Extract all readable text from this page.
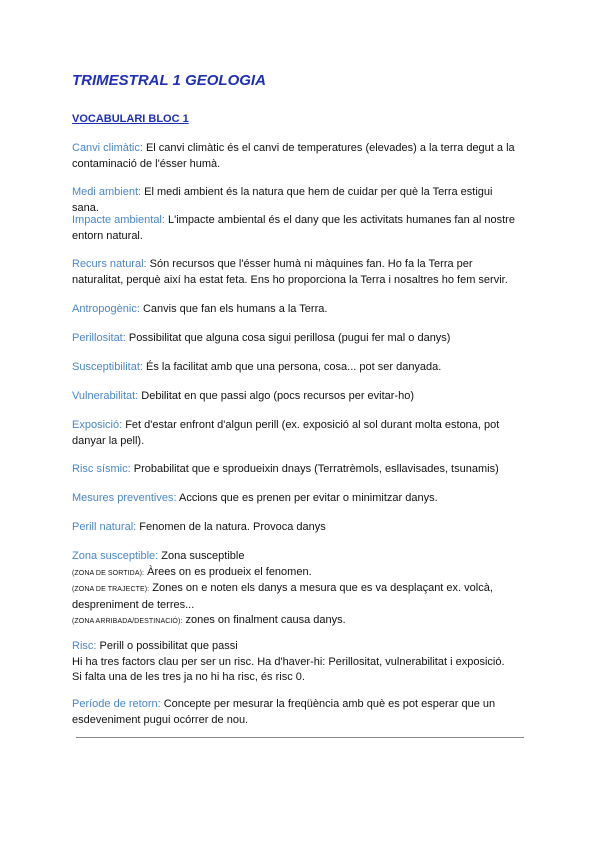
TRIMESTRAL 1 GEOLOGIA
VOCABULARI BLOC 1
Canvi climàtic: El canvi climàtic és el canvi de temperatures (elevades) a la terra degut a la contaminació de l'ésser humà.
Medi ambient: El medi ambient és la natura que hem de cuidar per què la Terra estigui sana.
Impacte ambiental: L'impacte ambiental és el dany que les activitats humanes fan al nostre entorn natural.
Recurs natural: Són recursos que l'ésser humà ni màquines fan. Ho fa la Terra per naturalitat, perquè així ha estat feta. Ens ho proporciona la Terra i nosaltres ho fem servir.
Antropogènic: Canvis que fan els humans a la Terra.
Perillositat: Possibilitat que alguna cosa sigui perillosa (pugui fer mal o danys)
Susceptibilitat: És la facilitat amb que una persona, cosa... pot ser danyada.
Vulnerabilitat: Debilitat en que passi algo (pocs recursos per evitar-ho)
Exposició: Fet d'estar enfront d'algun perill (ex. exposició al sol durant molta estona, pot danyar la pell).
Risc sísmic: Probabilitat que e sprodueixin dnays (Terratrèmols, esllavisades, tsunamis)
Mesures preventives: Accions que es prenen per evitar o minimitzar danys.
Perill natural: Fenomen de la natura. Provoca danys
Zona susceptible: Zona susceptible
(ZONA DE SORTIDA): Àrees on es produeix el fenomen.
(ZONA DE TRAJECTE): Zones on e noten els danys a mesura que es va desplaçant ex. volcà, despreniment de terres...
(ZONA ARRIBADA/DESTINACIÓ): zones on finalment causa danys.
Risc: Perill o possibilitat que passi
Hi ha tres factors clau per ser un risc. Ha d'haver-hi: Perillositat, vulnerabilitat i exposició.
Si falta una de les tres ja no hi ha risc, és risc 0.
Període de retorn: Concepte per mesurar la freqüència amb què es pot esperar que un esdeveniment pugui ocórrer de nou.
